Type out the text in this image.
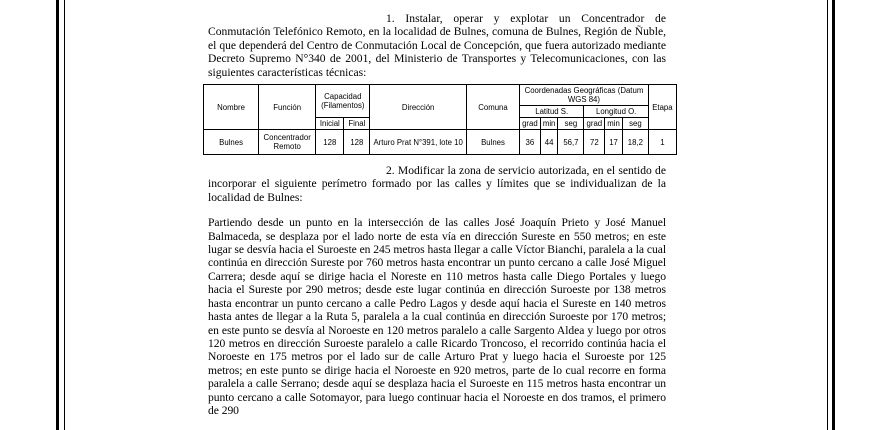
1. Instalar, operar y explotar un Concentrador de Conmutación Telefónico Remoto, en la localidad de Bulnes, comuna de Bulnes, Región de Ñuble, el que dependerá del Centro de Conmutación Local de Concepción, que fuera autorizado mediante Decreto Supremo N°340 de 2001, del Ministerio de Transportes y Telecomunicaciones, con las siguientes características técnicas:

Nombre	Función	Capacidad (Filamentos)		Dirección	Comuna	Coordenadas Geográficas (Datum WGS 84)						Etapa
						Latitud S.			Longitud O.			
		Inicial	Final			grad	min	seg	grad	min	seg	
Bulnes	Concentrador Remoto	128	128	Arturo Prat N°391, lote 10	Bulnes	36	44	56,7	72	17	18,2	1

2. Modificar la zona de servicio autorizada, en el sentido de incorporar el siguiente perímetro formado por las calles y límites que se individualizan de la localidad de Bulnes:

Partiendo desde un punto en la intersección de las calles José Joaquín Prieto y José Manuel Balmaceda, se desplaza por el lado norte de esta vía en dirección Sureste en 550 metros; en este lugar se desvía hacia el Suroeste en 245 metros hasta llegar a calle Víctor Bianchi, paralela a la cual continúa en dirección Sureste por 760 metros hasta encontrar un punto cercano a calle José Miguel Carrera; desde aquí se dirige hacia el Noreste en 110 metros hasta calle Diego Portales y luego hacia el Sureste por 290 metros; desde este lugar continúa en dirección Suroeste por 138 metros hasta encontrar un punto cercano a calle Pedro Lagos y desde aquí hacia el Sureste en 140 metros hasta antes de llegar a la Ruta 5, paralela a la cual continúa en dirección Suroeste por 170 metros; en este punto se desvía al Noroeste en 120 metros paralelo a calle Sargento Aldea y luego por otros 120 metros en dirección Suroeste paralelo a calle Ricardo Troncoso, el recorrido continúa hacia el Noroeste en 175 metros por el lado sur de calle Arturo Prat y luego hacia el Suroeste por 125 metros; en este punto se dirige hacia el Noroeste en 920 metros, parte de lo cual recorre en forma paralela a calle Serrano; desde aquí se desplaza hacia el Suroeste en 115 metros hasta encontrar un punto cercano a calle Sotomayor, para luego continuar hacia el Noroeste en dos tramos, el primero de 290
